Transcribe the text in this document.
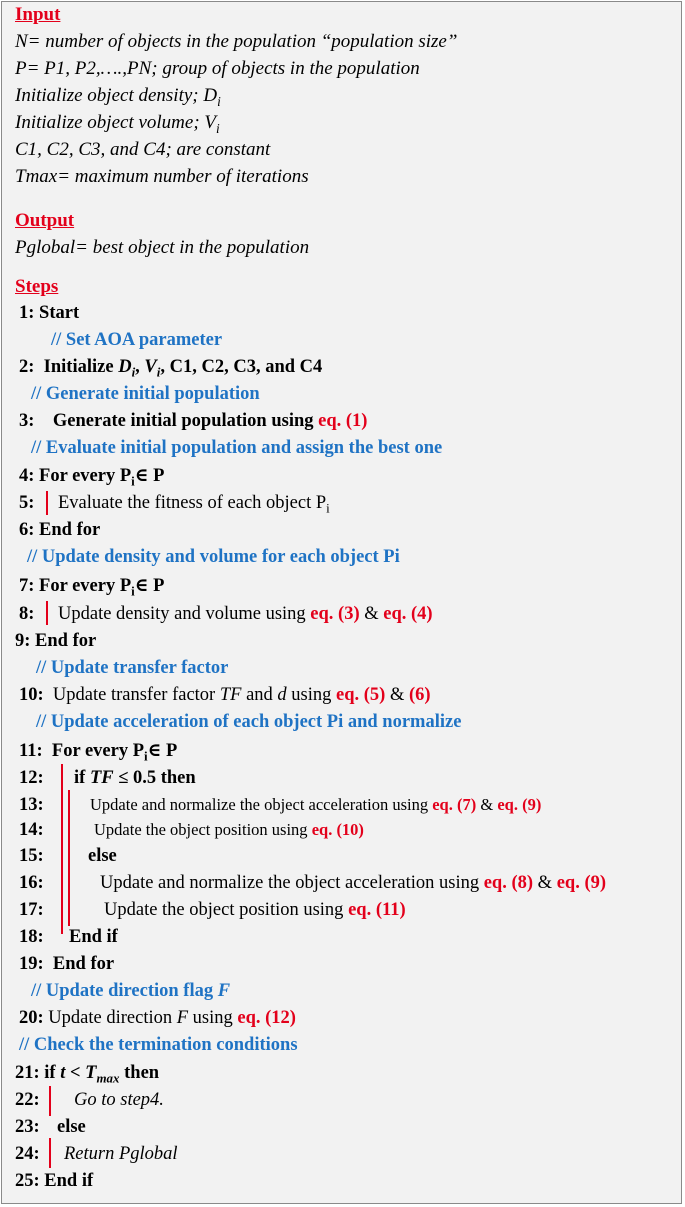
Input
N= number of objects in the population “population size”
P= P1, P2,….,PN; group of objects in the population
Initialize object density; $D_i$
Initialize object volume; $V_i$
C1, C2, C3, and C4; are constant
Tmax= maximum number of iterations
Output
Pglobal= best object in the population
Steps
1: Start
// Set AOA parameter
2: Initialize $D_i$, $V_i$, C1, C2, C3, and C4
// Generate initial population
3: Generate initial population using eq. (1)
// Evaluate initial population and assign the best one
4: For every $P_i\in$ P
5: Evaluate the fitness of each object $P_i$
6: End for
// Update density and volume for each object Pi
7: For every $P_i\in$ P
8: Update density and volume using eq. (3) & eq. (4)
9: End for
// Update transfer factor
10: Update transfer factor TF and d using eq. (5) & (6)
// Update acceleration of each object Pi and normalize
11: For every $P_i\in$ P
12: if TF ≤ 0.5 then
13:	Update and normalize the object acceleration using eq. (7) & eq. (9)
14:	Update the object position using eq. (10)
15: else
16:	Update and normalize the object acceleration using eq. (8) & eq. (9)
17:	Update the object position using eq. (11)
18: End if
19: End for
// Update direction flag F
20: Update direction F using eq. (12)
// Check the termination conditions
21: if $t < T_{max}$ then
22: Go to step4.
23: else
24: Return Pglobal
25: End if
